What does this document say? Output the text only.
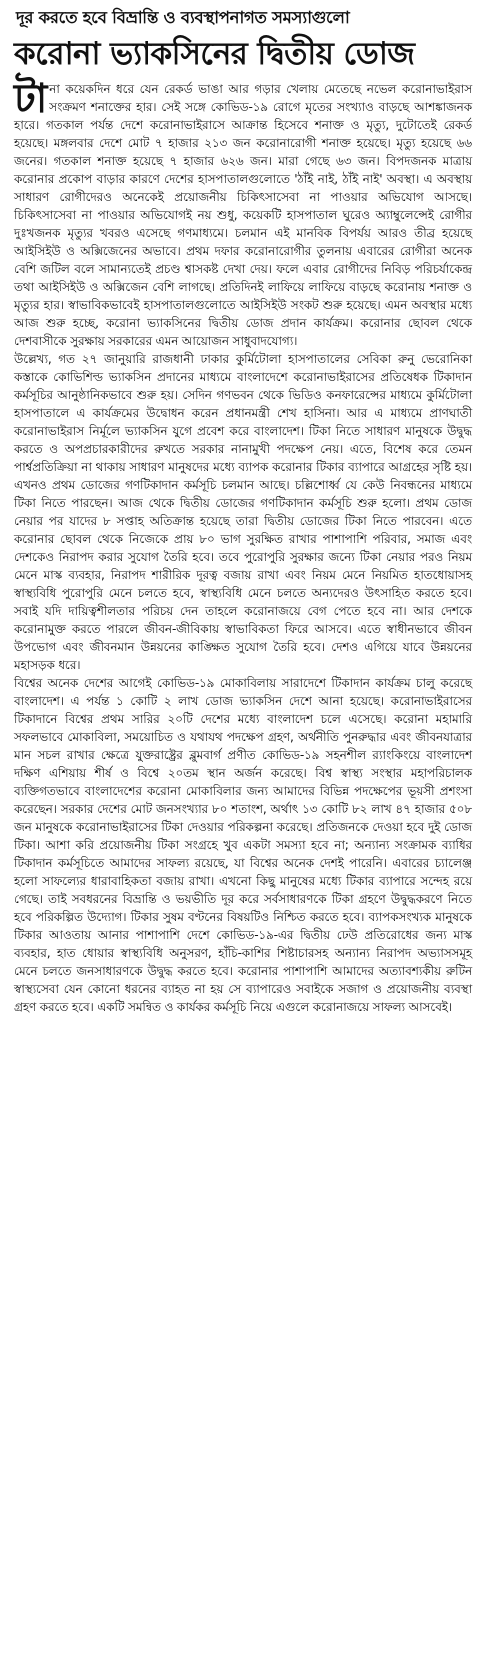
দূর করতে হবে বিভ্রান্তি ও ব্যবস্থাপনাগত সমস্যাগুলো
করোনা ভ্যাকসিনের দ্বিতীয় ডোজ

টানা কয়েকদিন ধরে যেন রেকর্ড ভাঙা আর গড়ার খেলায় মেতেছে নভেল করোনাভাইরাস সংক্রমণ শনাক্তের হার। সেই সঙ্গে কোভিড-১৯ রোগে মৃতের সংখ্যাও বাড়ছে আশঙ্কাজনক হারে। গতকাল পর্যন্ত দেশে করোনাভাইরাসে আক্রান্ত হিসেবে শনাক্ত ও মৃত্যু, দুটোতেই রেকর্ড হয়েছে। মঙ্গলবার দেশে মোট ৭ হাজার ২১৩ জন করোনারোগী শনাক্ত হয়েছে। মৃত্যু হয়েছে ৬৬ জনের। গতকাল শনাক্ত হয়েছে ৭ হাজার ৬২৬ জন। মারা গেছে ৬৩ জন। বিপদজনক মাত্রায় করোনার প্রকোপ বাড়ার কারণে দেশের হাসপাতালগুলোতে 'ঠাঁই নাই, ঠাঁই নাই' অবস্থা। এ অবস্থায় সাধারণ রোগীদেরও অনেকেই প্রয়োজনীয় চিকিৎসাসেবা না পাওয়ার অভিযোগ আসছে। চিকিৎসাসেবা না পাওয়ার অভিযোগই নয় শুধু, কয়েকটি হাসপাতাল ঘুরেও অ্যাম্বুলেন্সেই রোগীর দুঃখজনক মৃত্যুর খবরও এসেছে গণমাধ্যমে। চলমান এই মানবিক বিপর্যয় আরও তীব্র হয়েছে আইসিইউ ও অক্সিজেনের অভাবে। প্রথম দফার করোনারোগীর তুলনায় এবারের রোগীরা অনেক বেশি জটিল বলে সামান্যতেই প্রচণ্ড শ্বাসকষ্ট দেখা দেয়। ফলে এবার রোগীদের নিবিড় পরিচর্যাকেন্দ্র তথা আইসিইউ ও অক্সিজেন বেশি লাগছে। প্রতিদিনই লাফিয়ে লাফিয়ে বাড়ছে করোনায় শনাক্ত ও মৃত্যুর হার। স্বাভাবিকভাবেই হাসপাতালগুলোতে আইসিইউ সংকট শুরু হয়েছে। এমন অবস্থার মধ্যে আজ শুরু হচ্ছে, করোনা ভ্যাকসিনের দ্বিতীয় ডোজ প্রদান কার্যক্রম। করোনার ছোবল থেকে দেশবাসীকে সুরক্ষায় সরকারের এমন আয়োজন সাধুবাদযোগ্য।

উল্লেখ্য, গত ২৭ জানুয়ারি রাজধানী ঢাকার কুর্মিটোলা হাসপাতালের সেবিকা রুনু ভেরোনিকা কস্তাকে কোভিশিল্ড ভ্যাকসিন প্রদানের মাধ্যমে বাংলাদেশে করোনাভাইরাসের প্রতিষেধক টিকাদান কর্মসূচির আনুষ্ঠানিকভাবে শুরু হয়। সেদিন গণভবন থেকে ভিডিও কনফারেন্সের মাধ্যমে কুর্মিটোলা হাসপাতালে এ কার্যক্রমের উদ্বোধন করেন প্রধানমন্ত্রী শেখ হাসিনা। আর এ মাধ্যমে প্রাণঘাতী করোনাভাইরাস নির্মূলে ভ্যাকসিন যুগে প্রবেশ করে বাংলাদেশ। টিকা নিতে সাধারণ মানুষকে উদ্বুদ্ধ করতে ও অপপ্রচারকারীদের রুখতে সরকার নানামুখী পদক্ষেপ নেয়। এতে, বিশেষ করে তেমন পার্শ্বপ্রতিক্রিয়া না থাকায় সাধারণ মানুষদের মধ্যে ব্যাপক করোনার টিকার ব্যাপারে আগ্রহের সৃষ্টি হয়। এখনও প্রথম ডোজের গণটিকাদান কর্মসূচি চলমান আছে। চল্লিশোর্ধ্ব যে কেউ নিবন্ধনের মাধ্যমে টিকা নিতে পারছেন। আজ থেকে দ্বিতীয় ডোজের গণটিকাদান কর্মসূচি শুরু হলো। প্রথম ডোজ নেয়ার পর যাদের ৮ সপ্তাহ অতিক্রান্ত হয়েছে তারা দ্বিতীয় ডোজের টিকা নিতে পারবেন। এতে করোনার ছোবল থেকে নিজেকে প্রায় ৮০ ভাগ সুরক্ষিত রাখার পাশাপাশি পরিবার, সমাজ এবং দেশকেও নিরাপদ করার সুযোগ তৈরি হবে। তবে পুরোপুরি সুরক্ষার জন্যে টিকা নেয়ার পরও নিয়ম মেনে মাস্ক ব্যবহার, নিরাপদ শারীরিক দূরত্ব বজায় রাখা এবং নিয়ম মেনে নিয়মিত হাতধোয়াসহ স্বাস্থ্যবিধি পুরোপুরি মেনে চলতে হবে, স্বাস্থ্যবিধি মেনে চলতে অন্যদেরও উৎসাহিত করতে হবে। সবাই যদি দায়িত্বশীলতার পরিচয় দেন তাহলে করোনাজয়ে বেগ পেতে হবে না। আর দেশকে করোনামুক্ত করতে পারলে জীবন-জীবিকায় স্বাভাবিকতা ফিরে আসবে। এতে স্বাধীনভাবে জীবন উপভোগ এবং জীবনমান উন্নয়নের কাঙ্ক্ষিত সুযোগ তৈরি হবে। দেশও এগিয়ে যাবে উন্নয়নের মহাসড়ক ধরে।

বিশ্বের অনেক দেশের আগেই কোভিড-১৯ মোকাবিলায় সারাদেশে টিকাদান কার্যক্রম চালু করেছে বাংলাদেশ। এ পর্যন্ত ১ কোটি ২ লাখ ডোজ ভ্যাকসিন দেশে আনা হয়েছে। করোনাভাইরাসের টিকাদানে বিশ্বের প্রথম সারির ২০টি দেশের মধ্যে বাংলাদেশ চলে এসেছে। করোনা মহামারি সফলভাবে মোকাবিলা, সময়োচিত ও যথাযথ পদক্ষেপ গ্রহণ, অর্থনীতি পুনরুদ্ধার এবং জীবনযাত্রার মান সচল রাখার ক্ষেত্রে যুক্তরাষ্ট্রের ব্লুমবার্গ প্রণীত কোভিড-১৯ সহনশীল র‍্যাংকিংয়ে বাংলাদেশ দক্ষিণ এশিয়ায় শীর্ষ ও বিশ্বে ২০তম স্থান অর্জন করেছে। বিশ্ব স্বাস্থ্য সংস্থার মহাপরিচালক ব্যক্তিগতভাবে বাংলাদেশের করোনা মোকাবিলার জন্য আমাদের বিভিন্ন পদক্ষেপের ভূয়সী প্রশংসা করেছেন। সরকার দেশের মোট জনসংখ্যার ৮০ শতাংশ, অর্থাৎ ১৩ কোটি ৮২ লাখ ৪৭ হাজার ৫০৮ জন মানুষকে করোনাভাইরাসের টিকা দেওয়ার পরিকল্পনা করেছে। প্রতিজনকে দেওয়া হবে দুই ডোজ টিকা। আশা করি প্রয়োজনীয় টিকা সংগ্রহে খুব একটা সমস্যা হবে না; অন্যান্য সংক্রামক ব্যাধির টিকাদান কর্মসূচিতে আমাদের সাফল্য রয়েছে, যা বিশ্বের অনেক দেশই পারেনি। এবারের চ্যালেঞ্জ হলো সাফল্যের ধারাবাহিকতা বজায় রাখা। এখনো কিছু মানুষের মধ্যে টিকার ব্যাপারে সন্দেহ রয়ে গেছে। তাই সবধরনের বিভ্রান্তি ও ভয়ভীতি দূর করে সর্বসাধারণকে টিকা গ্রহণে উদ্বুদ্ধকরণে নিতে হবে পরিকল্পিত উদ্যোগ। টিকার সুষম বণ্টনের বিষয়টিও নিশ্চিত করতে হবে। ব্যাপকসংখ্যক মানুষকে টিকার আওতায় আনার পাশাপাশি দেশে কোভিড-১৯-এর দ্বিতীয় ঢেউ প্রতিরোধের জন্য মাস্ক ব্যবহার, হাত ধোয়ার স্বাস্থ্যবিধি অনুসরণ, হাঁচি-কাশির শিষ্টাচারসহ অন্যান্য নিরাপদ অভ্যাসসমূহ মেনে চলতে জনসাধারণকে উদ্বুদ্ধ করতে হবে। করোনার পাশাপাশি আমাদের অত্যাবশ্যকীয় রুটিন স্বাস্থ্যসেবা যেন কোনো ধরনের ব্যাহত না হয় সে ব্যাপারেও সবাইকে সজাগ ও প্রয়োজনীয় ব্যবস্থা গ্রহণ করতে হবে। একটি সমন্বিত ও কার্যকর কর্মসূচি নিয়ে এগুলে করোনাজয়ে সাফল্য আসবেই।
